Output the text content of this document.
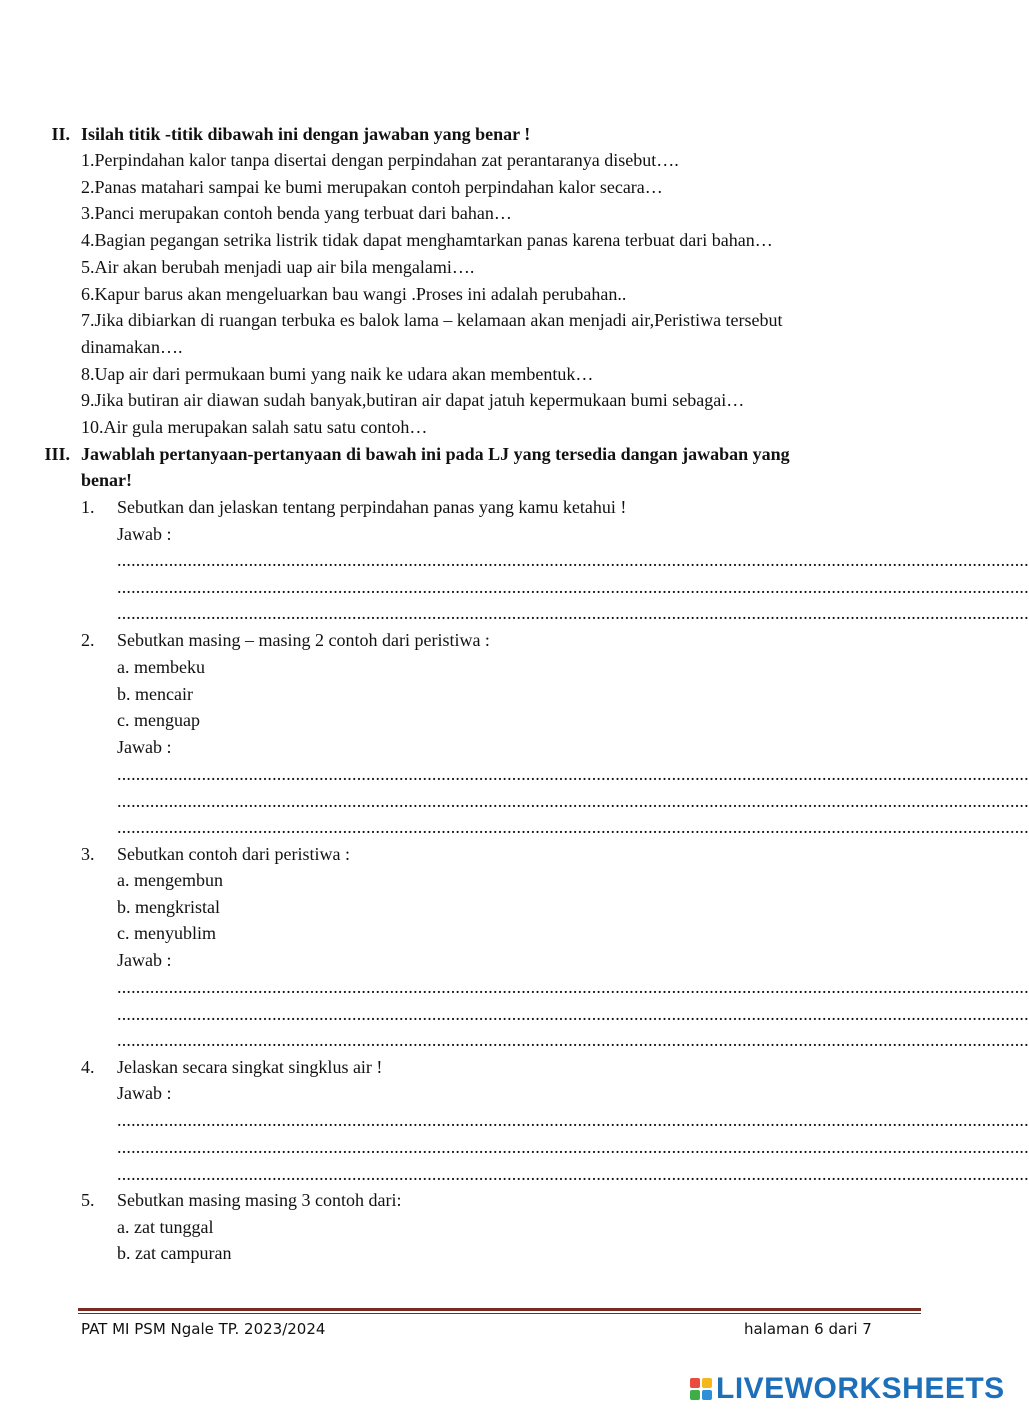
II. Isilah titik -titik dibawah ini dengan jawaban yang benar !
1.Perpindahan kalor tanpa disertai dengan perpindahan zat perantaranya disebut….
2.Panas matahari sampai ke bumi merupakan contoh perpindahan kalor secara…
3.Panci merupakan contoh benda yang terbuat dari bahan…
4.Bagian pegangan setrika listrik tidak dapat menghamtarkan panas karena terbuat dari bahan…
5.Air akan berubah menjadi uap air bila mengalami….
6.Kapur barus akan mengeluarkan bau wangi .Proses ini adalah perubahan..
7.Jika dibiarkan di ruangan terbuka es balok lama – kelamaan akan menjadi air,Peristiwa tersebut
dinamakan….
8.Uap air dari permukaan bumi yang naik ke udara akan membentuk…
9.Jika butiran air diawan sudah banyak,butiran air dapat jatuh kepermukaan bumi sebagai…
10.Air gula merupakan salah satu satu contoh…
III. Jawablah pertanyaan-pertanyaan di bawah ini pada LJ yang tersedia dangan jawaban yang
benar!
1. Sebutkan dan jelaskan tentang perpindahan panas yang kamu ketahui !
Jawab :
..................................................................................................................................................................................................
..................................................................................................................................................................................................
..................................................................................................................................................................................................
2. Sebutkan masing – masing 2 contoh dari peristiwa :
a. membeku
b. mencair
c. menguap
Jawab :
..................................................................................................................................................................................................
..................................................................................................................................................................................................
..................................................................................................................................................................................................
3. Sebutkan contoh dari peristiwa :
a. mengembun
b. mengkristal
c. menyublim
Jawab :
..................................................................................................................................................................................................
..................................................................................................................................................................................................
..................................................................................................................................................................................................
4. Jelaskan secara singkat singklus air !
Jawab :
..................................................................................................................................................................................................
..................................................................................................................................................................................................
..................................................................................................................................................................................................
5. Sebutkan masing masing 3 contoh dari:
a. zat tunggal
b. zat campuran
PAT MI PSM Ngale TP. 2023/2024	halaman 6 dari 7
LIVEWORKSHEETS
